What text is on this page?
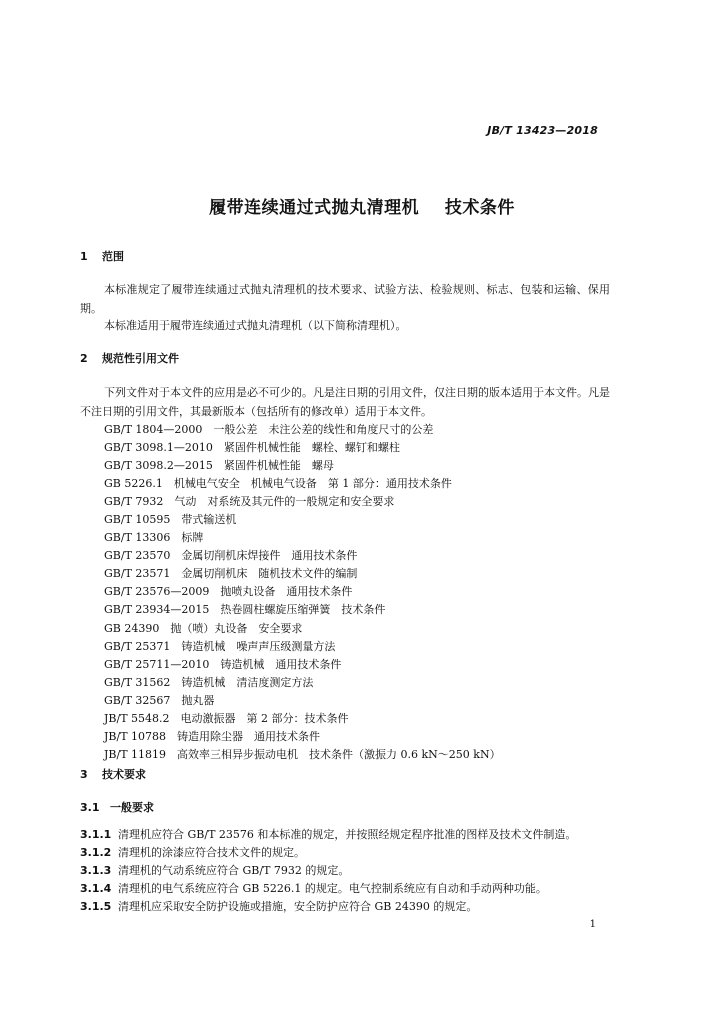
JB/T 13423—2018
履带连续通过式抛丸清理机    技术条件
1 范围
本标准规定了履带连续通过式抛丸清理机的技术要求、试验方法、检验规则、标志、包装和运输、保用期。
本标准适用于履带连续通过式抛丸清理机（以下简称清理机）。
2 规范性引用文件
下列文件对于本文件的应用是必不可少的。凡是注日期的引用文件，仅注日期的版本适用于本文件。凡是不注日期的引用文件，其最新版本（包括所有的修改单）适用于本文件。
GB/T 1804—2000　 一般公差　未注公差的线性和角度尺寸的公差
GB/T 3098.1—2010　 紧固件机械性能　螺栓、螺钉和螺柱
GB/T 3098.2—2015　 紧固件机械性能　螺母
GB 5226.1　 机械电气安全　机械电气设备　第 1 部分：通用技术条件
GB/T 7932　 气动　对系统及其元件的一般规定和安全要求
GB/T 10595　 带式输送机
GB/T 13306　 标牌
GB/T 23570　 金属切削机床焊接件　通用技术条件
GB/T 23571　 金属切削机床　随机技术文件的编制
GB/T 23576—2009　 抛喷丸设备　通用技术条件
GB/T 23934—2015　 热卷圆柱螺旋压缩弹簧　技术条件
GB 24390　 抛（喷）丸设备　安全要求
GB/T 25371　 铸造机械　噪声声压级测量方法
GB/T 25711—2010　 铸造机械　通用技术条件
GB/T 31562　 铸造机械　清洁度测定方法
GB/T 32567　 抛丸器
JB/T 5548.2　 电动激振器　第 2 部分：技术条件
JB/T 10788　 铸造用除尘器　通用技术条件
JB/T 11819　 高效率三相异步振动电机　技术条件（激振力 0.6 kN～250 kN）
3 技术要求
3.1 一般要求
3.1.1 清理机应符合 GB/T 23576 和本标准的规定，并按照经规定程序批准的图样及技术文件制造。
3.1.2 清理机的涂漆应符合技术文件的规定。
3.1.3 清理机的气动系统应符合 GB/T 7932 的规定。
3.1.4 清理机的电气系统应符合 GB 5226.1 的规定。电气控制系统应有自动和手动两种功能。
3.1.5 清理机应采取安全防护设施或措施，安全防护应符合 GB 24390 的规定。
1
